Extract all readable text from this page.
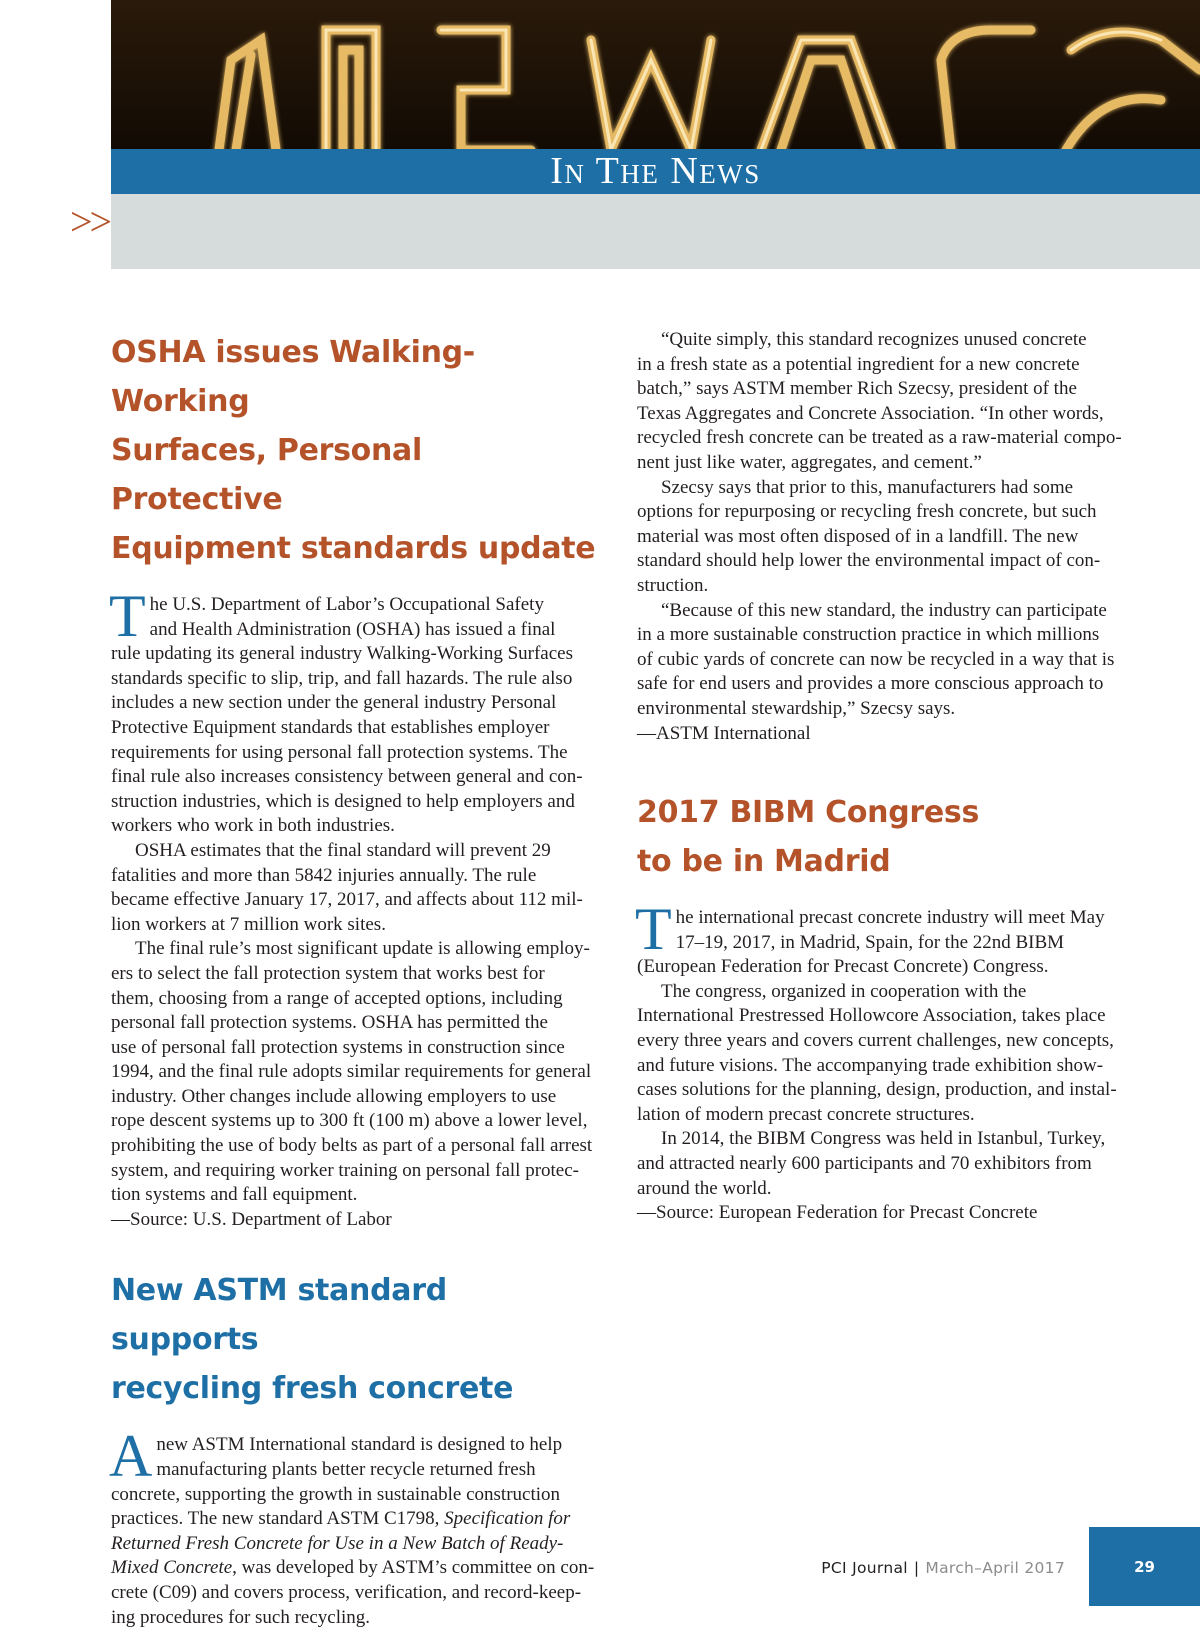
In The News
>>
OSHA issues Walking-Working
Surfaces, Personal Protective
Equipment standards update

T he U.S. Department of Labor’s Occupational Safety
and Health Administration (OSHA) has issued a final
rule updating its general industry Walking-Working Surfaces
standards specific to slip, trip, and fall hazards. The rule also
includes a new section under the general industry Personal
Protective Equipment standards that establishes employer
requirements for using personal fall protection systems. The
final rule also increases consistency between general and con-
struction industries, which is designed to help employers and
workers who work in both industries.

OSHA estimates that the final standard will prevent 29
fatalities and more than 5842 injuries annually. The rule
became effective January 17, 2017, and affects about 112 mil-
lion workers at 7 million work sites.

The final rule’s most significant update is allowing employ-
ers to select the fall protection system that works best for
them, choosing from a range of accepted options, including
personal fall protection systems. OSHA has permitted the
use of personal fall protection systems in construction since
1994, and the final rule adopts similar requirements for general
industry. Other changes include allowing employers to use
rope descent systems up to 300 ft (100 m) above a lower level,
prohibiting the use of body belts as part of a personal fall arrest
system, and requiring worker training on personal fall protec-
tion systems and fall equipment.

—Source: U.S. Department of Labor

New ASTM standard supports
recycling fresh concrete

A new ASTM International standard is designed to help
manufacturing plants better recycle returned fresh
concrete, supporting the growth in sustainable construction
practices. The new standard ASTM C1798, Specification for
Returned Fresh Concrete for Use in a New Batch of Ready-
Mixed Concrete, was developed by ASTM’s committee on con-
crete (C09) and covers process, verification, and record-keep-
ing procedures for such recycling.

“Quite simply, this standard recognizes unused concrete
in a fresh state as a potential ingredient for a new concrete
batch,” says ASTM member Rich Szecsy, president of the
Texas Aggregates and Concrete Association. “In other words,
recycled fresh concrete can be treated as a raw-material compo-
nent just like water, aggregates, and cement.”

Szecsy says that prior to this, manufacturers had some
options for repurposing or recycling fresh concrete, but such
material was most often disposed of in a landfill. The new
standard should help lower the environmental impact of con-
struction.

“Because of this new standard, the industry can participate
in a more sustainable construction practice in which millions
of cubic yards of concrete can now be recycled in a way that is
safe for end users and provides a more conscious approach to
environmental stewardship,” Szecsy says.

—ASTM International

2017 BIBM Congress
to be in Madrid

T he international precast concrete industry will meet May
17–19, 2017, in Madrid, Spain, for the 22nd BIBM
(European Federation for Precast Concrete) Congress.

The congress, organized in cooperation with the
International Prestressed Hollowcore Association, takes place
every three years and covers current challenges, new concepts,
and future visions. The accompanying trade exhibition show-
cases solutions for the planning, design, production, and instal-
lation of modern precast concrete structures.

In 2014, the BIBM Congress was held in Istanbul, Turkey,
and attracted nearly 600 participants and 70 exhibitors from
around the world.

—Source: European Federation for Precast Concrete

PCI Journal | March–April 2017	29
